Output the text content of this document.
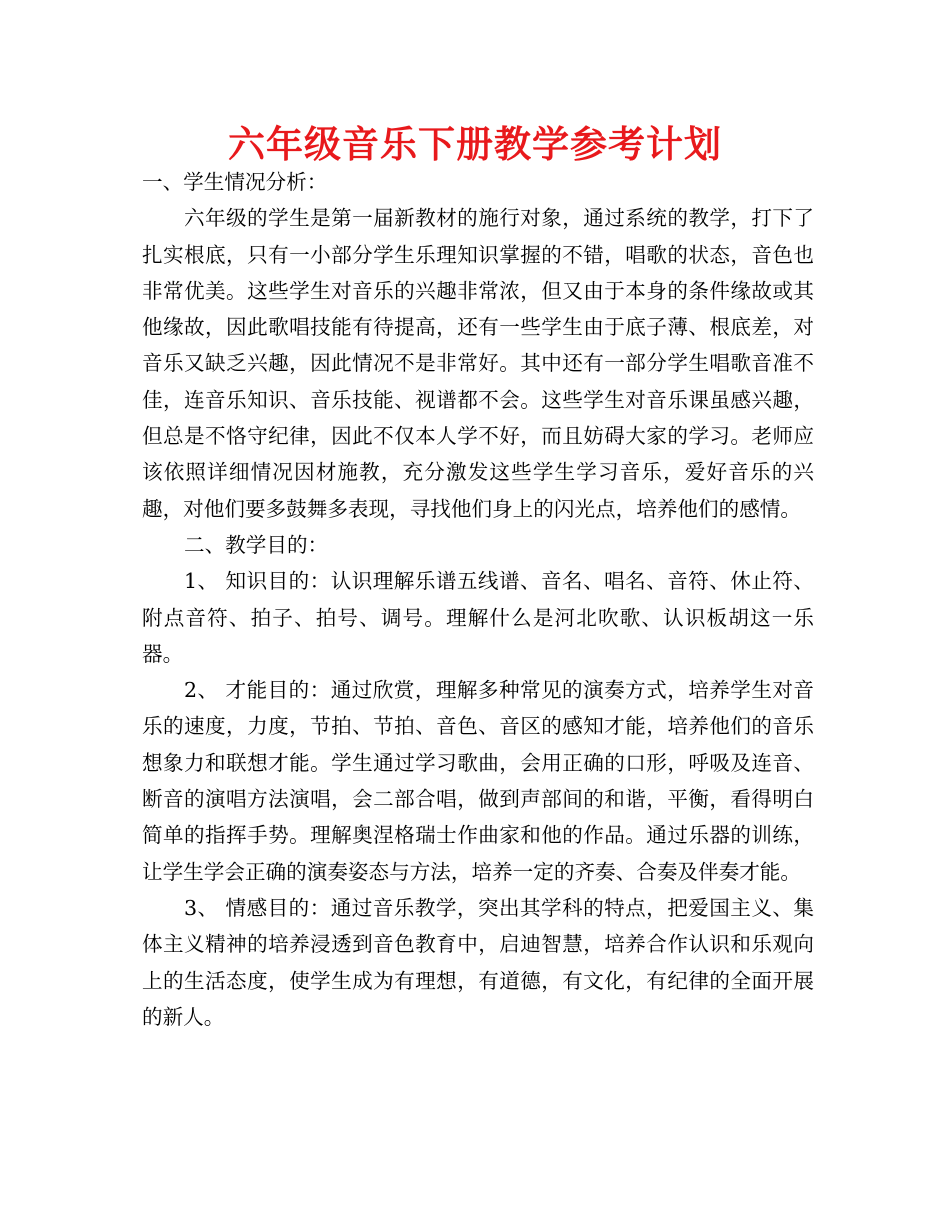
六年级音乐下册教学参考计划

一、学生情况分析：

六年级的学生是第一届新教材的施行对象，通过系统的教学，打下了扎实根底，只有一小部分学生乐理知识掌握的不错，唱歌的状态，音色也非常优美。这些学生对音乐的兴趣非常浓，但又由于本身的条件缘故或其他缘故，因此歌唱技能有待提高，还有一些学生由于底子薄、根底差，对音乐又缺乏兴趣，因此情况不是非常好。其中还有一部分学生唱歌音准不佳，连音乐知识、音乐技能、视谱都不会。这些学生对音乐课虽感兴趣，但总是不恪守纪律，因此不仅本人学不好，而且妨碍大家的学习。老师应该依照详细情况因材施教，充分激发这些学生学习音乐，爱好音乐的兴趣，对他们要多鼓舞多表现，寻找他们身上的闪光点，培养他们的感情。

二、教学目的：

1、 知识目的：认识理解乐谱五线谱、音名、唱名、音符、休止符、附点音符、拍子、拍号、调号。理解什么是河北吹歌、认识板胡这一乐器。

2、 才能目的：通过欣赏，理解多种常见的演奏方式，培养学生对音乐的速度，力度，节拍、节拍、音色、音区的感知才能，培养他们的音乐想象力和联想才能。学生通过学习歌曲，会用正确的口形，呼吸及连音、断音的演唱方法演唱，会二部合唱，做到声部间的和谐，平衡，看得明白简单的指挥手势。理解奥涅格瑞士作曲家和他的作品。通过乐器的训练，让学生学会正确的演奏姿态与方法，培养一定的齐奏、合奏及伴奏才能。

3、 情感目的：通过音乐教学，突出其学科的特点，把爱国主义、集体主义精神的培养浸透到音色教育中，启迪智慧，培养合作认识和乐观向上的生活态度，使学生成为有理想，有道德，有文化，有纪律的全面开展的新人。
